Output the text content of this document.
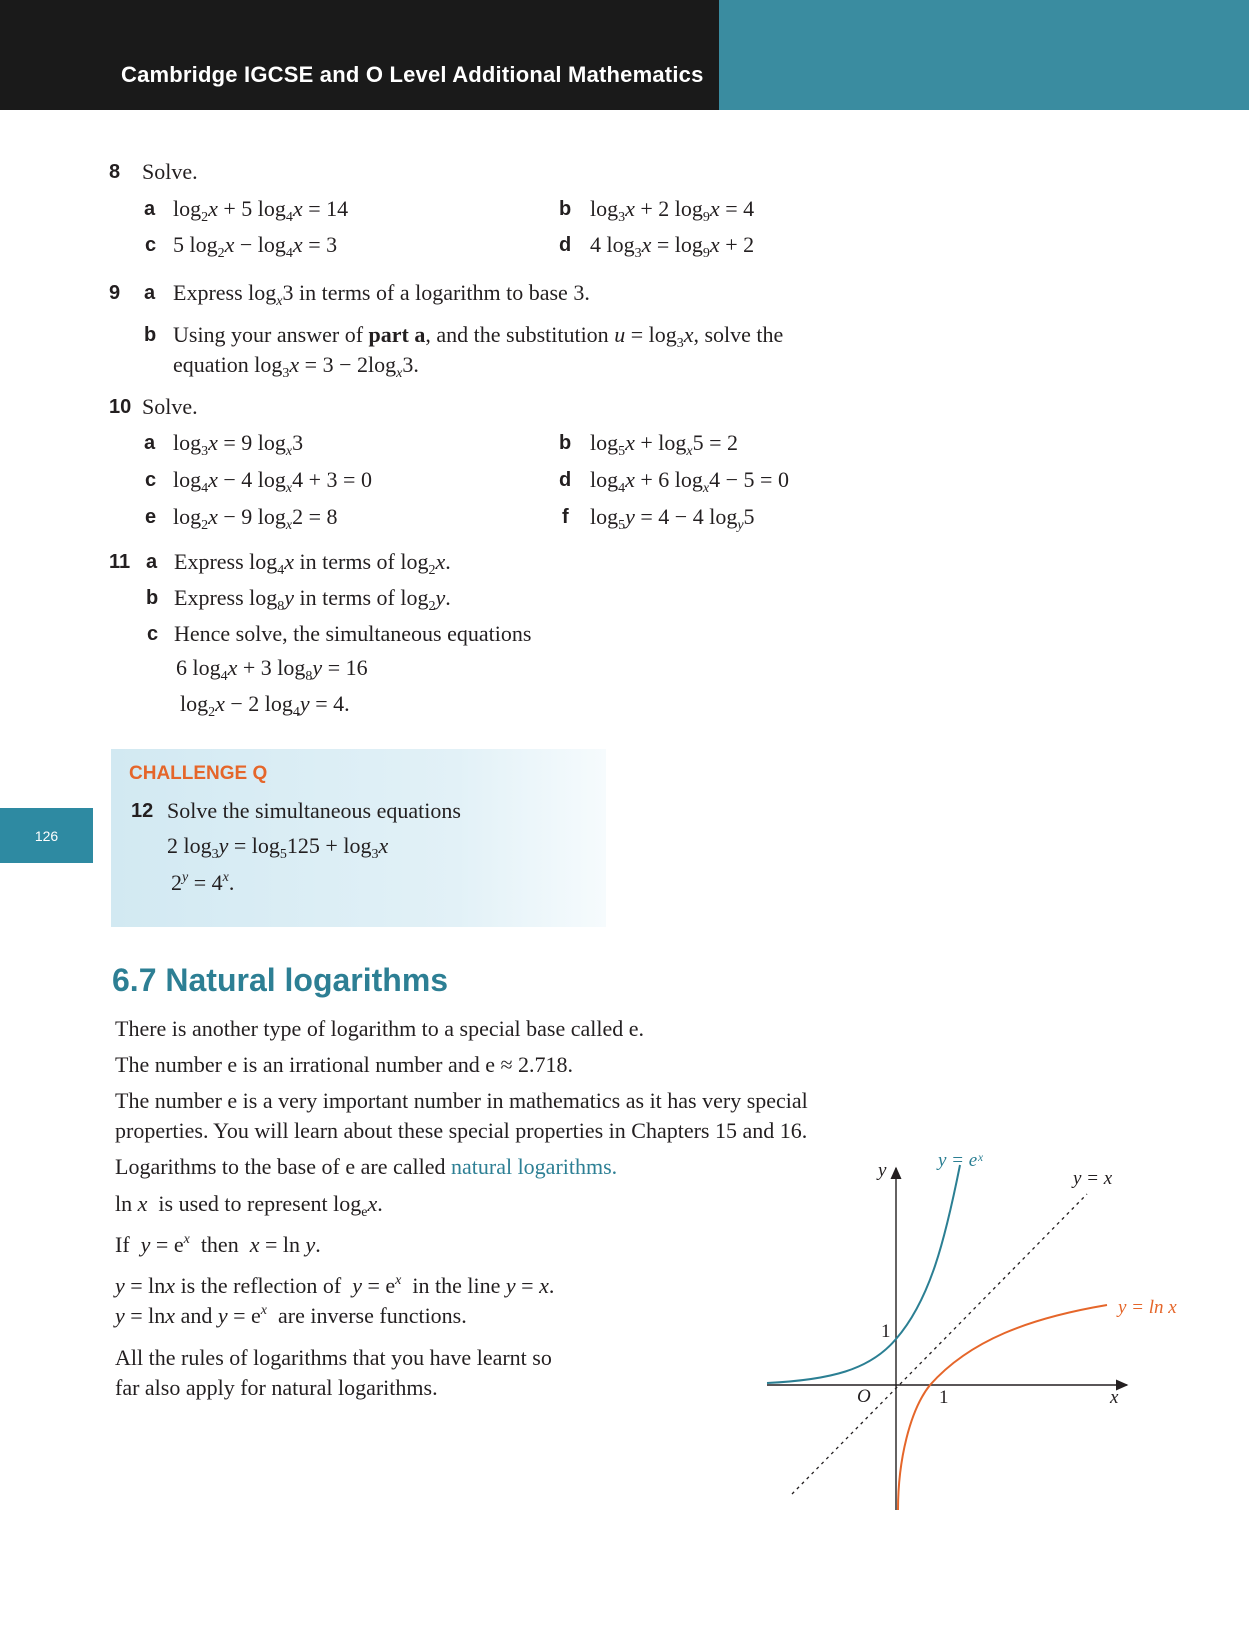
Cambridge IGCSE and O Level Additional Mathematics
126
8 Solve.
a $\log_2x + 5$ $\log_4x = 14$	b $\log_3x + 2$ $\log_9x = 4$
c 5 $\log_2x - \log_4x = 3$	d 4 $\log_3x = \log_9x + 2$
9 a Express $\log_x3$ in terms of a logarithm to base 3.
b Using your answer of part a, and the substitution $u = \log_3x$, solve the
equation $\log_3x = 3 - 2\log_x3$.
10 Solve.
a $\log_3x = 9$ $\log_x3$	b $\log_5x + \log_x5 = 2$
c $\log_4x - 4$ $\log_x4 + 3 = 0$	d $\log_4x + 6$ $\log_x4 - 5 = 0$
e $\log_2x - 9$ $\log_x2 = 8$	f $\log_5y = 4 - 4$ $\log_y5$
11 a Express $\log_4x$ in terms of $\log_2x$.
b Express $\log_8y$ in terms of $\log_2y$.
c Hence solve, the simultaneous equations
6 $\log_4x + 3$ $\log_8y = 16$
$\log_2x - 2$ $\log_4y = 4$.
CHALLENGE Q
12 Solve the simultaneous equations
2 $\log_3y = \log_5125 + \log_3x$
$2^y = 4^x$.
6.7 Natural logarithms
There is another type of logarithm to a special base called e.
The number e is an irrational number and e ≈ 2.718.
The number e is a very important number in mathematics as it has very special
properties. You will learn about these special properties in Chapters 15 and 16.
Logarithms to the base of e are called natural logarithms.
ln x is used to represent $\log_ex$.
If $y = e^x$ then x = ln y.
y = lnx is the reflection of $y = e^x$ in the line y = x.
y = lnx and $y = e^x$ are inverse functions.
All the rules of logarithms that you have learnt so
far also apply for natural logarithms.
y = eˣ
y = x
y = ln x
y
x
O	1
1
